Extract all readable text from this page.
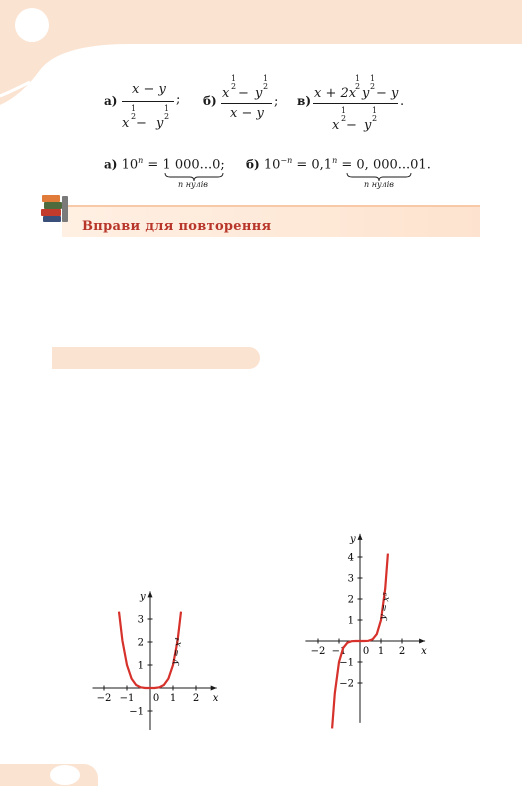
а)
x − y
1
2
x − y
1
2
; б)
1
2
x − y
1
2
x − y
; в) x + 2x
1
2 y
1
2 − y
1
2
x − y
1
2
.
а) $10^n = 1$ 000...0;
n нулів
б) $10^{-n} = 0,1^n = 0$, 000...01.
n нулів
Вправи для повторення
−2 −1 0 1 2
−1
1
2
3
x
y
y = x⁴	−2 −1 0 1 2
−2
−1
1
2
3
4
x
y
y = x⁵
